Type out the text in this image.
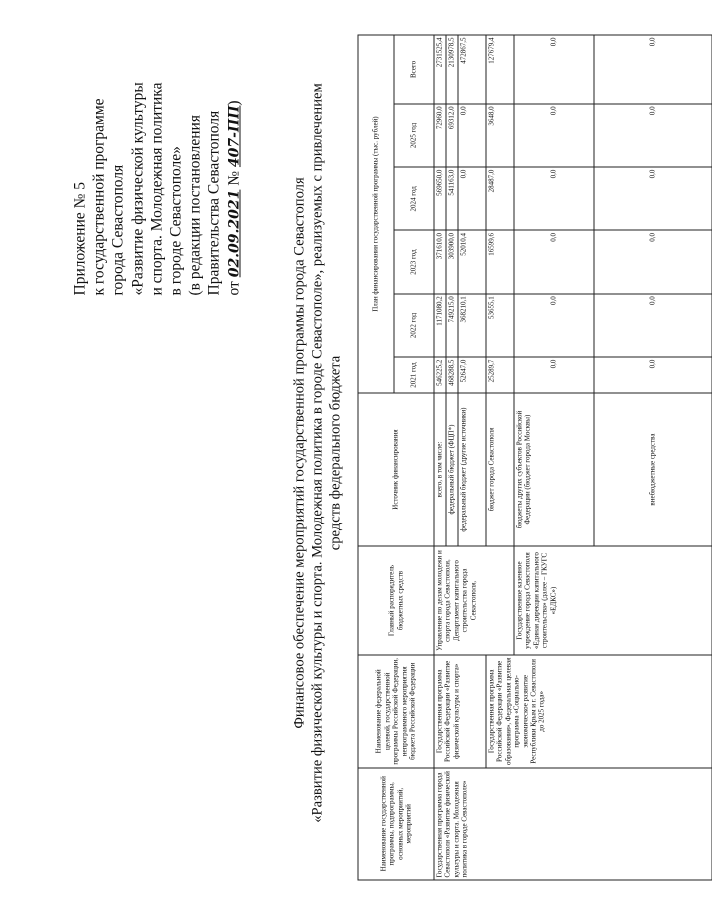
Приложение № 5 к государственной программе города Севастополя «Развитие физической культуры и спорта. Молодежная политика в городе Севастополе» (в редакции постановления Правительства Севастополя от 02.09.2021 № 407-ПП)
Финансовое обеспечение мероприятий государственной программы города Севастополя «Развитие физической культуры и спорта. Молодежная политика в городе Севастополе», реализуемых с привлечением средств федерального бюджета
Наименование государственной программы, подпрограммы, основных мероприятий, мероприятий	Наименование федеральной целевой, государственной программы Российской Федерации, непрограммного мероприятия бюджета Российской Федерации	Главный распорядитель бюджетных средств	Источник финансирования	План финансирования государственной программы (тыс. рублей)					
				2021 год	2022 год	2023 год	2024 год	2025 год	Всего
Государственная программа города Севастополя «Развитие физической культуры и спорта. Молодежная политика в городе Севастополе»	Государственная программа Российской Федерации «Развитие физической культуры и спорта»	Управление по делам молодежи и спорта города Севастополя, Департамент капитального строительства города Севастополя,	всего, в том числе:	546225,2	1171080,2	371610,0	569650,0	72960,0	2731525,4
			федеральный бюджет (ФЦП*)	468288,5	749215,0	303900,0	541163,0	69312,0	2130978,5
			федеральный бюджет (другие источники)	52647,0	368210,1	52010,4	0,0	0,0	472867,5
	Государственная программа Российской Федерации «Развитие образования», Федеральная целевая программа «Социально-экономическое развитие Республики Крым и г. Севастополя до 2025 года»		бюджет города Севастополя	25289,7	53655,1	16599,6	28487,0	3648,0	127679,4
		Государственное казенное учреждение города Севастополя «Единая дирекция капитального строительства» (далее – ГКУГС «ЕДКС»)	бюджеты других субъектов Российской Федерации (бюджет города Москвы)	0,0	0,0	0,0	0,0	0,0	0,0
			внебюджетные средства	0,0	0,0	0,0	0,0	0,0	0,0
